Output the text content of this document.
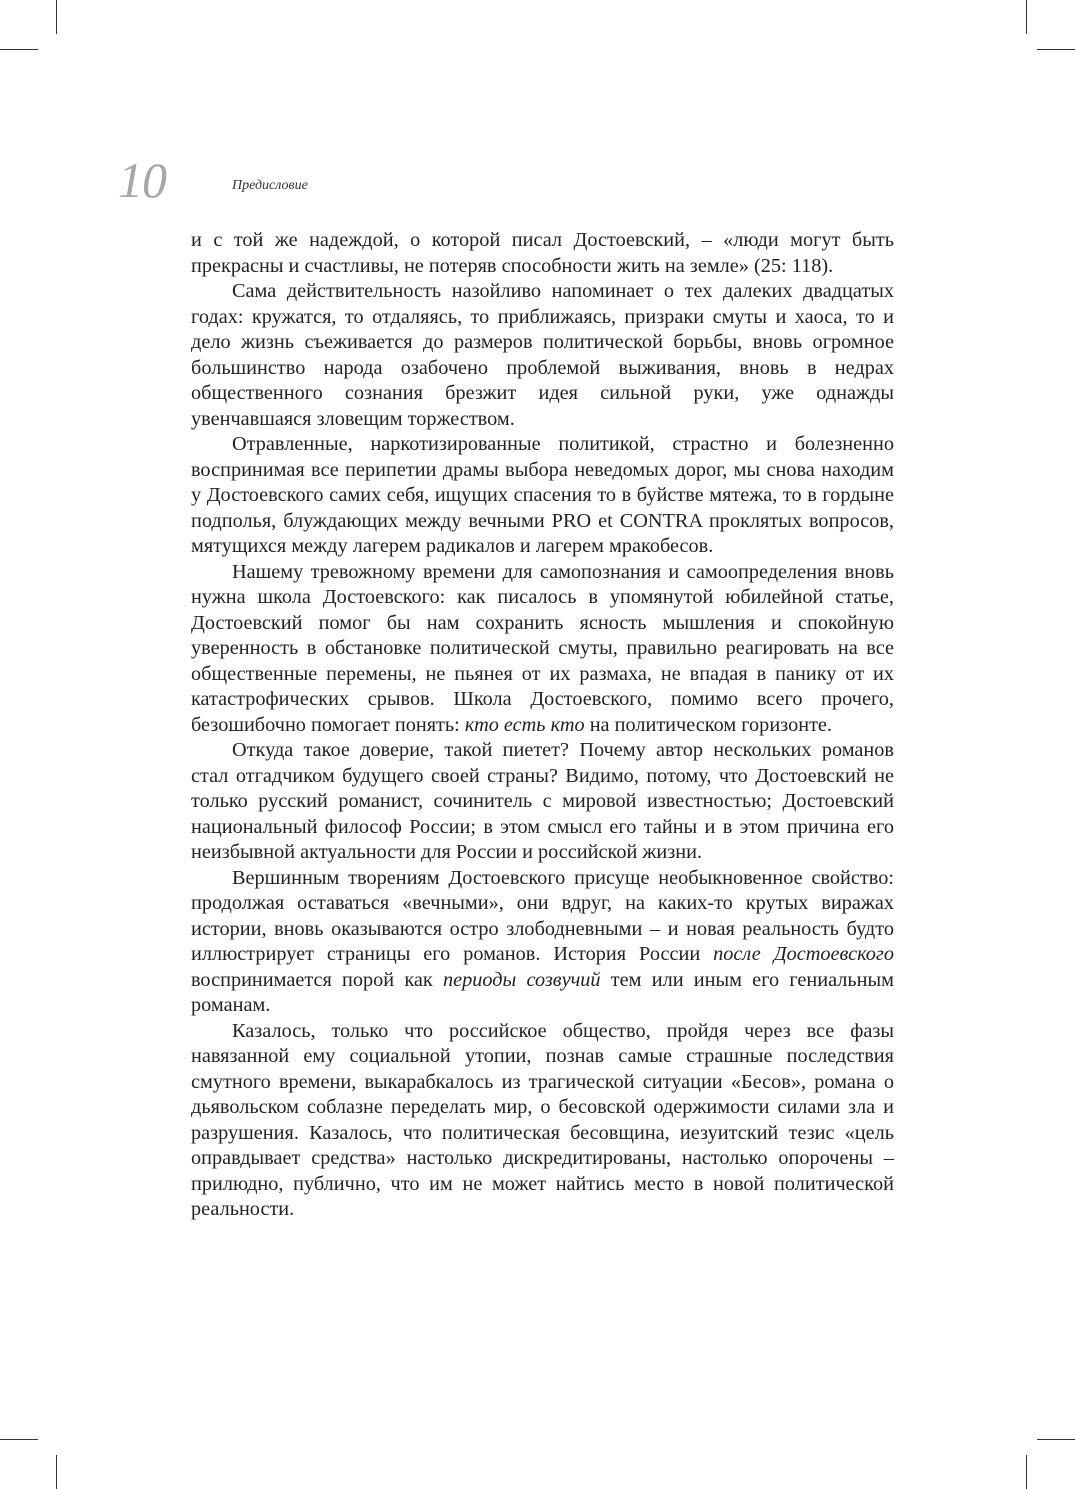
10	Предисловие

и с той же надеждой, о которой писал Достоевский, – «люди могут быть прекрасны и счастливы, не потеряв способности жить на земле» (25: 118).

Сама действительность назойливо напоминает о тех далеких двадцатых годах: кружатся, то отдаляясь, то приближаясь, призраки смуты и хаоса, то и дело жизнь съеживается до размеров политической борьбы, вновь огромное большинство народа озабочено проблемой выживания, вновь в недрах общественного сознания брезжит идея сильной руки, уже однажды увенчавшаяся зловещим торжеством.

Отравленные, наркотизированные политикой, страстно и болезненно воспринимая все перипетии драмы выбора неведомых дорог, мы снова находим у Достоевского самих себя, ищущих спасения то в буйстве мятежа, то в гордыне подполья, блуждающих между вечными PRO et CONTRA проклятых вопросов, мятущихся между лагерем радикалов и лагерем мракобесов.

Нашему тревожному времени для самопознания и самоопределения вновь нужна школа Достоевского: как писалось в упомянутой юбилейной статье, Достоевский помог бы нам сохранить ясность мышления и спокойную уверенность в обстановке политической смуты, правильно реагировать на все общественные перемены, не пьянея от их размаха, не впадая в панику от их катастрофических срывов. Школа Достоевского, помимо всего прочего, безошибочно помогает понять: кто есть кто на политическом горизонте.

Откуда такое доверие, такой пиетет? Почему автор нескольких романов стал отгадчиком будущего своей страны? Видимо, потому, что Достоевский не только русский романист, сочинитель с мировой известностью; Достоевский национальный философ России; в этом смысл его тайны и в этом причина его неизбывной актуальности для России и российской жизни.

Вершинным творениям Достоевского присуще необыкновенное свойство: продолжая оставаться «вечными», они вдруг, на каких-то крутых виражах истории, вновь оказываются остро злободневными – и новая реальность будто иллюстрирует страницы его романов. История России после Достоевского воспринимается порой как периоды созвучий тем или иным его гениальным романам.

Казалось, только что российское общество, пройдя через все фазы навязанной ему социальной утопии, познав самые страшные последствия смутного времени, выкарабкалось из трагической ситуации «Бесов», романа о дьявольском соблазне переделать мир, о бесовской одержимости силами зла и разрушения. Казалось, что политическая бесовщина, иезуитский тезис «цель оправдывает средства» настолько дискредитированы, настолько опорочены – прилюдно, публично, что им не может найтись место в новой политической реальности.
